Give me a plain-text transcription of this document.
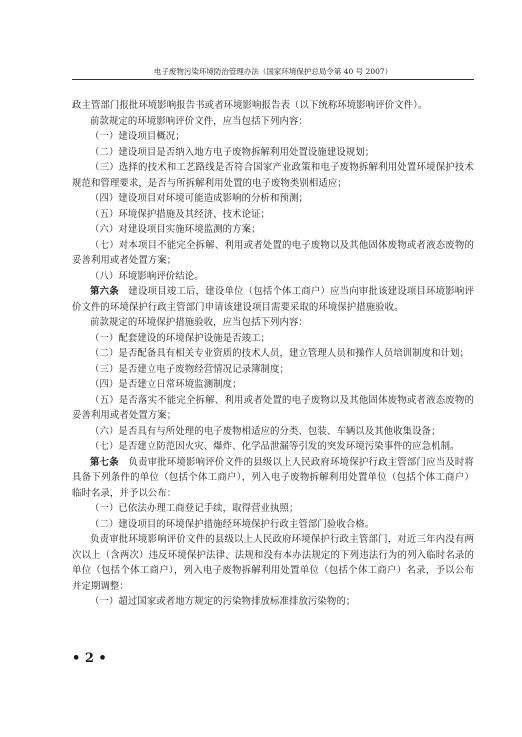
电子废物污染环境防治管理办法（国家环境保护总局令第 40 号 2007）

政主管部门报批环境影响报告书或者环境影响报告表（以下统称环境影响评价文件）。

前款规定的环境影响评价文件，应当包括下列内容：

（一）建设项目概况；

（二）建设项目是否纳入地方电子废物拆解利用处置设施建设规划；

（三）选择的技术和工艺路线是否符合国家产业政策和电子废物拆解利用处置环境保护技术规范和管理要求，是否与所拆解利用处置的电子废物类别相适应；

（四）建设项目对环境可能造成影响的分析和预测；

（五）环境保护措施及其经济、技术论证；

（六）对建设项目实施环境监测的方案；

（七）对本项目不能完全拆解、利用或者处置的电子废物以及其他固体废物或者液态废物的妥善利用或者处置方案；

（八）环境影响评价结论。

第六条　 建设项目竣工后，建设单位（包括个体工商户）应当向审批该建设项目环境影响评价文件的环境保护行政主管部门申请该建设项目需要采取的环境保护措施验收。

前款规定的环境保护措施验收，应当包括下列内容：

（一）配套建设的环境保护设施是否竣工；

（二）是否配备具有相关专业资质的技术人员，建立管理人员和操作人员培训制度和计划；

（三）是否建立电子废物经营情况记录簿制度；

（四）是否建立日常环境监测制度；

（五）是否落实不能完全拆解、利用或者处置的电子废物以及其他固体废物或者液态废物的妥善利用或者处置方案；

（六）是否具有与所处理的电子废物相适应的分类、包装、车辆以及其他收集设备；

（七）是否建立防范因火灾、爆炸、化学品泄漏等引发的突发环境污染事件的应急机制。

第七条　 负责审批环境影响评价文件的县级以上人民政府环境保护行政主管部门应当及时将具备下列条件的单位（包括个体工商户），列入电子废物拆解利用处置单位（包括个体工商户）临时名录，并予以公布：

（一）已依法办理工商登记手续，取得营业执照；

（二）建设项目的环境保护措施经环境保护行政主管部门验收合格。

负责审批环境影响评价文件的县级以上人民政府环境保护行政主管部门，对近三年内没有两次以上（含两次）违反环境保护法律、法规和没有本办法规定的下列违法行为的列入临时名录的单位（包括个体工商户），列入电子废物拆解利用处置单位（包括个体工商户）名录，予以公布并定期调整：

（一）超过国家或者地方规定的污染物排放标准排放污染物的；

• 2 •
